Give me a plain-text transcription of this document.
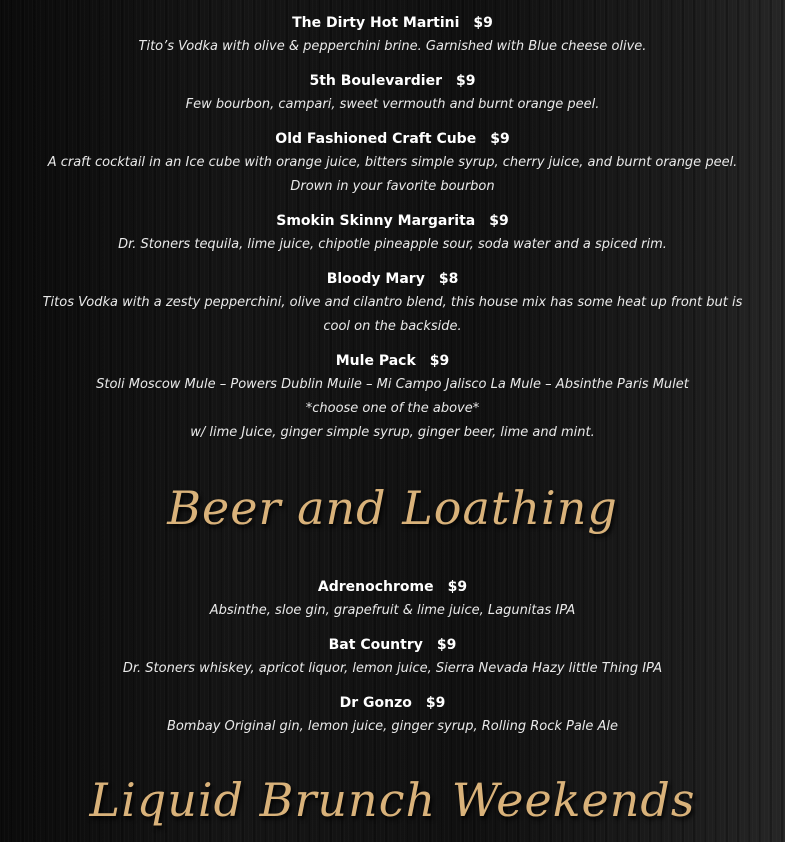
The Dirty Hot Martini $9
Tito’s Vodka with olive & pepperchini brine. Garnished with Blue cheese olive.
5th Boulevardier $9
Few bourbon, campari, sweet vermouth and burnt orange peel.
Old Fashioned Craft Cube $9
A craft cocktail in an Ice cube with orange juice, bitters simple syrup, cherry juice, and burnt orange peel. Drown in your favorite bourbon
Smokin Skinny Margarita $9
Dr. Stoners tequila, lime juice, chipotle pineapple sour, soda water and a spiced rim.
Bloody Mary $8
Titos Vodka with a zesty pepperchini, olive and cilantro blend, this house mix has some heat up front but is cool on the backside.
Mule Pack $9
Stoli Moscow Mule – Powers Dublin Muile – Mi Campo Jalisco La Mule – Absinthe Paris Mulet
*choose one of the above*
w/ lime Juice, ginger simple syrup, ginger beer, lime and mint.
Beer and Loathing
Adrenochrome $9
Absinthe, sloe gin, grapefruit & lime juice, Lagunitas IPA
Bat Country $9
Dr. Stoners whiskey, apricot liquor, lemon juice, Sierra Nevada Hazy little Thing IPA
Dr Gonzo $9
Bombay Original gin, lemon juice, ginger syrup, Rolling Rock Pale Ale
Liquid Brunch Weekends
